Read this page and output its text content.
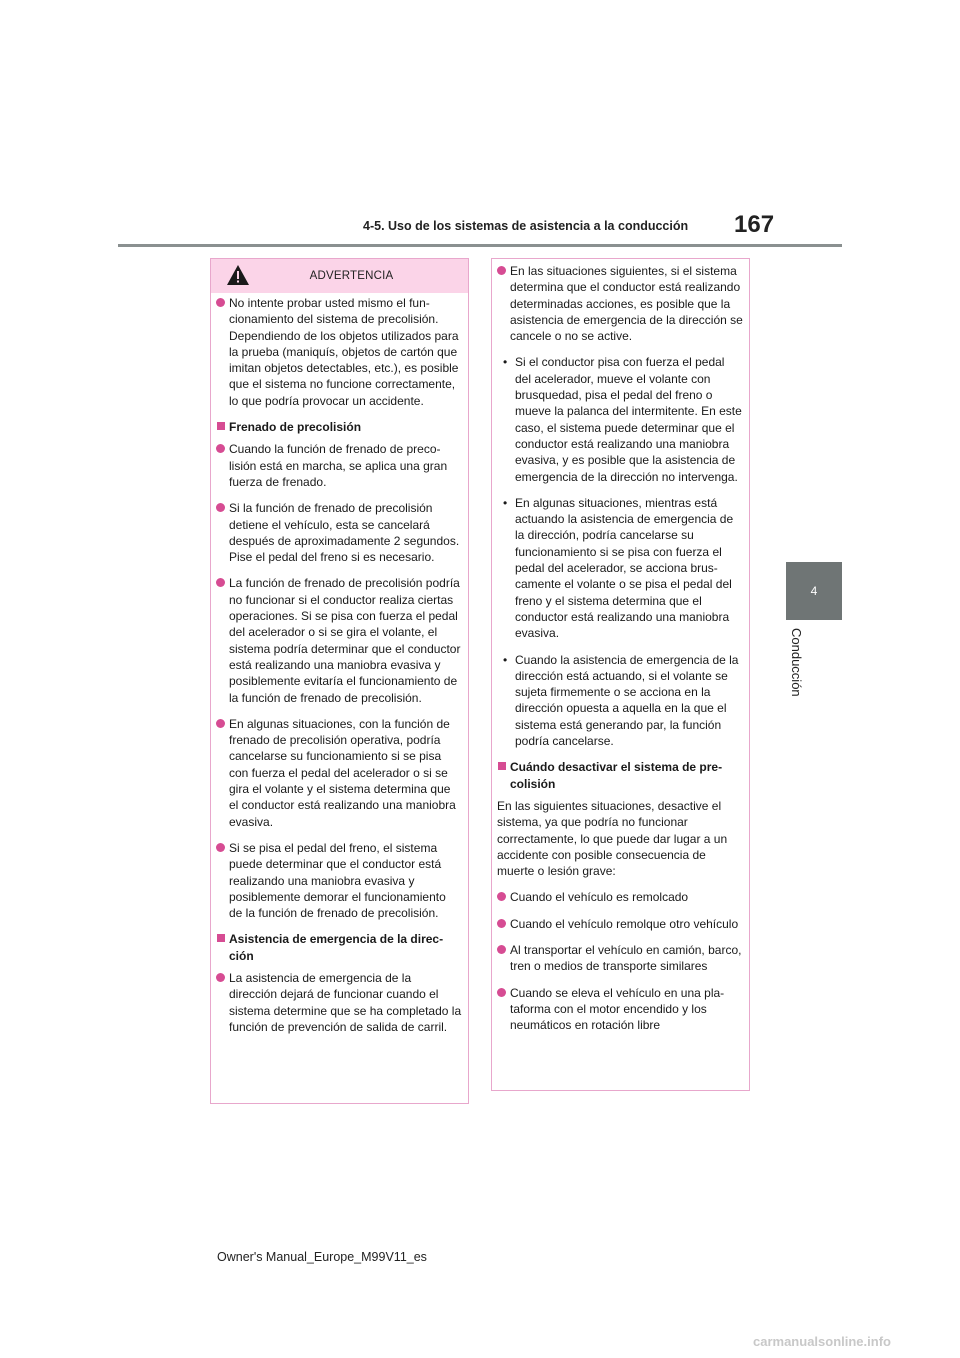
4-5. Uso de los sistemas de asistencia a la conducción 167
4
Conducción
ADVERTENCIA
No intente probar usted mismo el funcionamiento del sistema de precolisión. Dependiendo de los objetos utilizados para la prueba (maniquís, objetos de cartón que imitan objetos detectables, etc.), es posible que el sistema no funcione correctamente, lo que podría provocar un accidente.
Frenado de precolisión
Cuando la función de frenado de precolisión está en marcha, se aplica una gran fuerza de frenado.
Si la función de frenado de precolisión detiene el vehículo, esta se cancelará después de aproximadamente 2 segundos. Pise el pedal del freno si es necesario.
La función de frenado de precolisión podría no funcionar si el conductor realiza ciertas operaciones. Si se pisa con fuerza el pedal del acelerador o si se gira el volante, el sistema podría determinar que el conductor está realizando una maniobra evasiva y posiblemente evitaría el funcionamiento de la función de frenado de precolisión.
En algunas situaciones, con la función de frenado de precolisión operativa, podría cancelarse su funcionamiento si se pisa con fuerza el pedal del acelerador o si se gira el volante y el sistema determina que el conductor está realizando una maniobra evasiva.
Si se pisa el pedal del freno, el sistema puede determinar que el conductor está realizando una maniobra evasiva y posiblemente demorar el funcionamiento de la función de frenado de precolisión.
Asistencia de emergencia de la dirección
La asistencia de emergencia de la dirección dejará de funcionar cuando el sistema determine que se ha completado la función de prevención de salida de carril.
En las situaciones siguientes, si el sistema determina que el conductor está realizando determinadas acciones, es posible que la asistencia de emergencia de la dirección se cancele o no se active.
• Si el conductor pisa con fuerza el pedal del acelerador, mueve el volante con brusquedad, pisa el pedal del freno o mueve la palanca del intermitente. En este caso, el sistema puede determinar que el conductor está realizando una maniobra evasiva, y es posible que la asistencia de emergencia de la dirección no intervenga.
• En algunas situaciones, mientras está actuando la asistencia de emergencia de la dirección, podría cancelarse su funcionamiento si se pisa con fuerza el pedal del acelerador, se acciona bruscamente el volante o se pisa el pedal del freno y el sistema determina que el conductor está realizando una maniobra evasiva.
• Cuando la asistencia de emergencia de la dirección está actuando, si el volante se sujeta firmemente o se acciona en la dirección opuesta a aquella en la que el sistema está generando par, la función podría cancelarse.
Cuándo desactivar el sistema de precolisión
En las siguientes situaciones, desactive el sistema, ya que podría no funcionar correctamente, lo que puede dar lugar a un accidente con posible consecuencia de muerte o lesión grave:
Cuando el vehículo es remolcado
Cuando el vehículo remolque otro vehículo
Al transportar el vehículo en camión, barco, tren o medios de transporte similares
Cuando se eleva el vehículo en una plataforma con el motor encendido y los neumáticos en rotación libre
Owner's Manual_Europe_M99V11_es
carmanualsonline.info
